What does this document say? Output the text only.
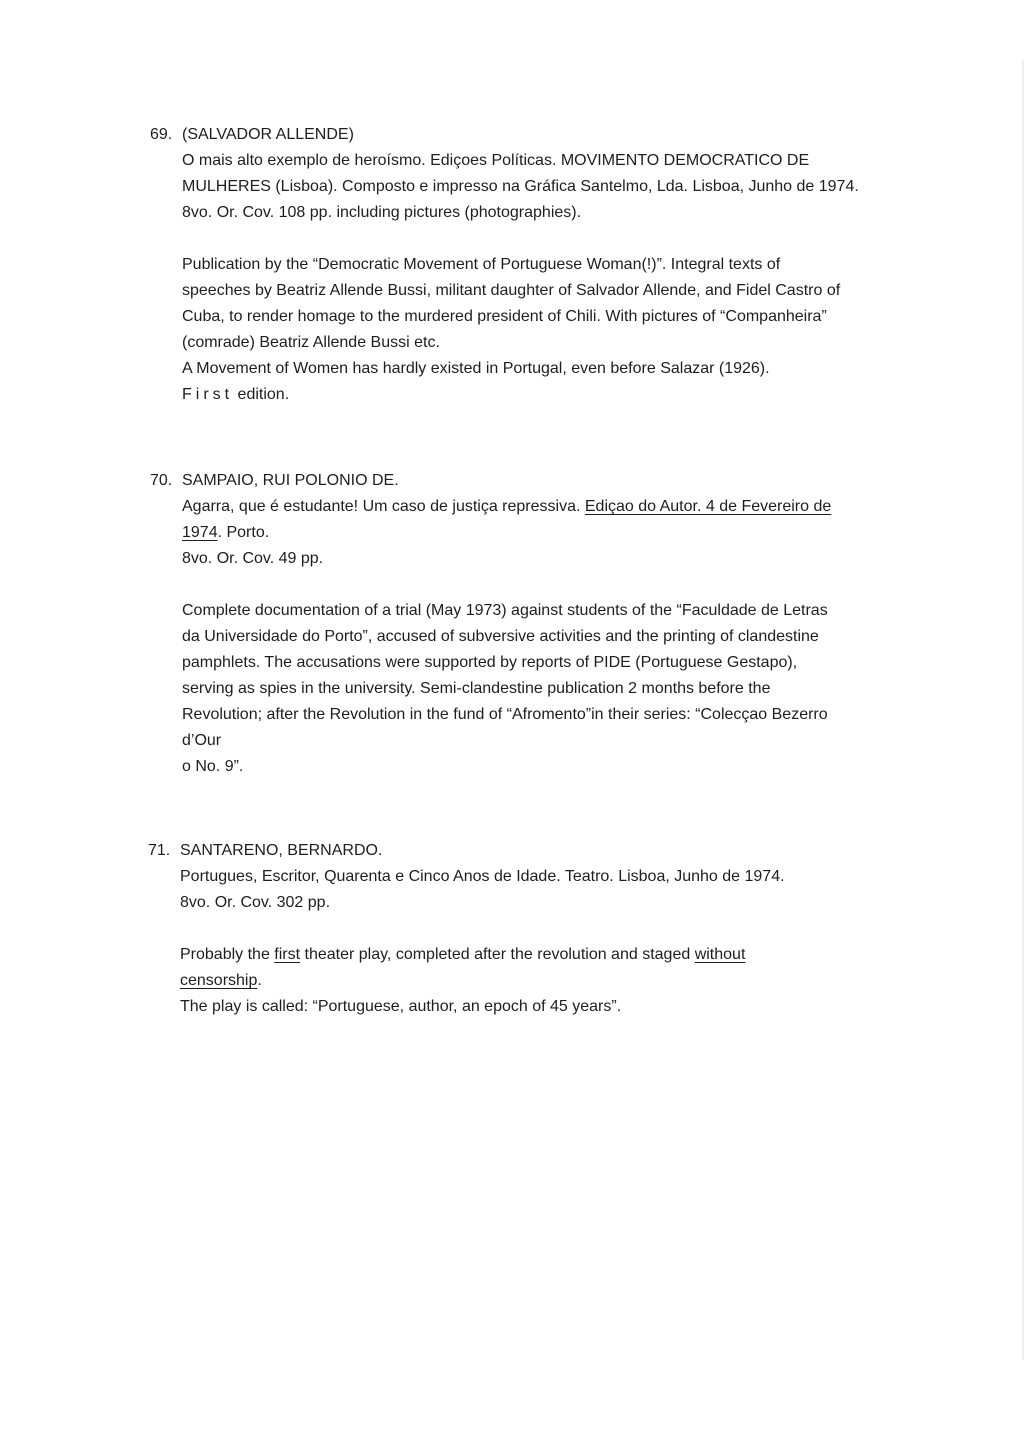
69. (SALVADOR ALLENDE)

O mais alto exemplo de heroísmo. Ediçoes Políticas. MOVIMENTO DEMOCRATICO DE

MULHERES (Lisboa). Composto e impresso na Gráfica Santelmo, Lda. Lisboa, Junho de 1974.

8vo. Or. Cov. 108 pp. including pictures (photographies).

Publication by the “Democratic Movement of Portuguese Woman(!)”. Integral texts of

speeches by Beatriz Allende Bussi, militant daughter of Salvador Allende, and Fidel Castro of

Cuba, to render homage to the murdered president of Chili. With pictures of “Companheira”

(comrade) Beatriz Allende Bussi etc.

A Movement of Women has hardly existed in Portugal, even before Salazar (1926).

First edition.

70. SAMPAIO, RUI POLONIO DE.

Agarra, que é estudante! Um caso de justiça repressiva. Ediçao do Autor. 4 de Fevereiro de

1974. Porto.

8vo. Or. Cov. 49 pp.

Complete documentation of a trial (May 1973) against students of the “Faculdade de Letras

da Universidade do Porto”, accused of subversive activities and the printing of clandestine

pamphlets. The accusations were supported by reports of PIDE (Portuguese Gestapo),

serving as spies in the university. Semi-clandestine publication 2 months before the

Revolution; after the Revolution in the fund of “Afromento”in their series: “Colecçao Bezerro

d’Our

o No. 9”.

71. SANTARENO, BERNARDO.

Portugues, Escritor, Quarenta e Cinco Anos de Idade. Teatro. Lisboa, Junho de 1974.

8vo. Or. Cov. 302 pp.

Probably the first theater play, completed after the revolution and staged without

censorship.

The play is called: “Portuguese, author, an epoch of 45 years”.
